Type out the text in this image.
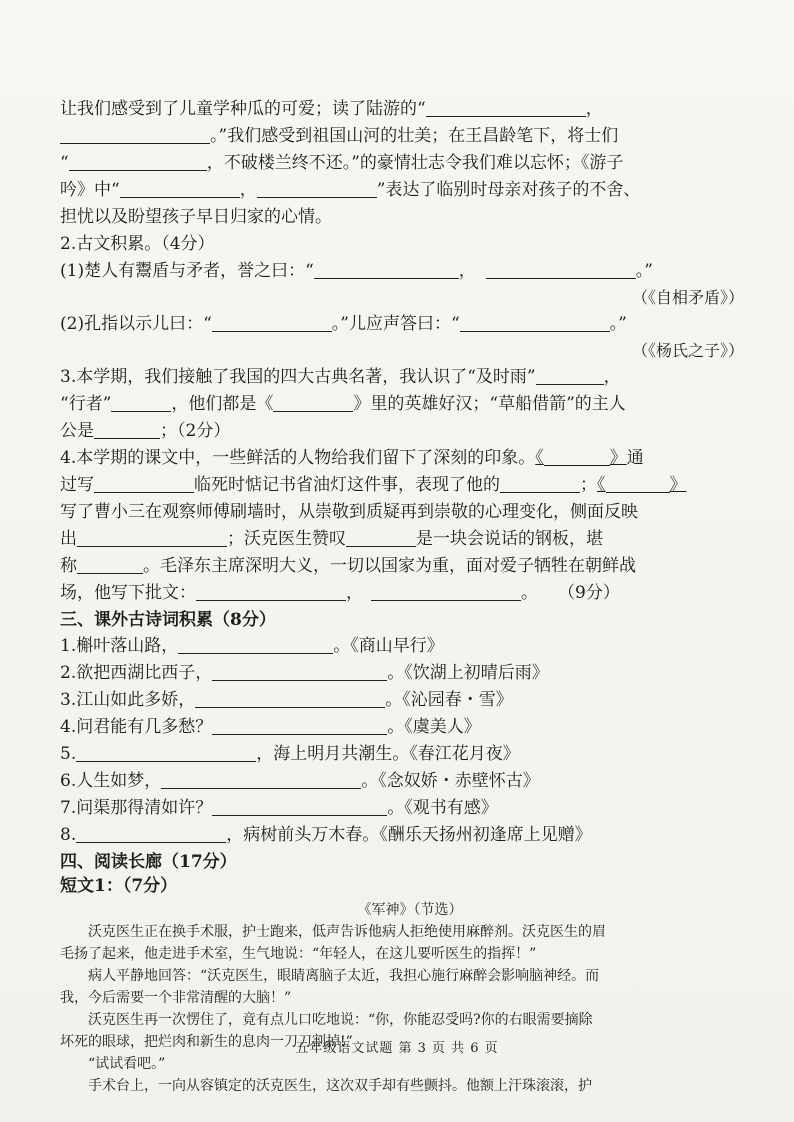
让我们感受到了儿童学种瓜的可爱；读了陆游的“	，

。”我们感受到祖国山河的壮美；在王昌龄笔下，将士们

“	，不破楼兰终不还。”的豪情壮志令我们难以忘怀；《游子

吟》中“	，	”表达了临别时母亲对孩子的不舍、

担忧以及盼望孩子早日归家的心情。

2.古文积累。（4分）

(1)楚人有鬻盾与矛者，誉之曰：“	，	。”

（《自相矛盾》）

(2)孔指以示儿曰：“	。”儿应声答曰：“	。”

（《杨氏之子》）

3.本学期，我们接触了我国的四大古典名著，我认识了“及时雨”	，

“行者”	，他们都是《	》里的英雄好汉；“草船借箭”的主人

公是	；（2分）

4.本学期的课文中，一些鲜活的人物给我们留下了深刻的印象。《	》通

过写	临死时惦记书省油灯这件事，表现了他的	；《	》

写了曹小三在观察师傅刷墙时，从崇敬到质疑再到崇敬的心理变化，侧面反映

出	；沃克医生赞叹	是一块会说话的钢板，堪

称	。毛泽东主席深明大义，一切以国家为重，面对爱子牺牲在朝鲜战

场，他写下批文：	，	。 （9分）

三、课外古诗词积累（8分）

1.槲叶落山路，	。《商山早行》

2.欲把西湖比西子，	。《饮湖上初晴后雨》

3.江山如此多娇，	。《沁园春・雪》

4.问君能有几多愁？	。《虞美人》

5.	，海上明月共潮生。《春江花月夜》

6.人生如梦，	。《念奴娇・赤壁怀古》

7.问渠那得清如许？	。《观书有感》

8.	，病树前头万木春。《酬乐天扬州初逢席上见赠》

四、阅读长廊（17分）

短文1：（7分）

《军神》（节选）

沃克医生正在换手术服，护士跑来，低声告诉他病人拒绝使用麻醉剂。沃克医生的眉

毛扬了起来，他走进手术室，生气地说：“年轻人，在这儿要听医生的指挥！”

病人平静地回答：“沃克医生，眼睛离脑子太近，我担心施行麻醉会影响脑神经。而

我，今后需要一个非常清醒的大脑！”

沃克医生再一次愣住了，竟有点儿口吃地说：“你，你能忍受吗?你的右眼需要摘除

坏死的眼球，把烂肉和新生的息肉一刀刀割掉!”

“试试看吧。”

手术台上，一向从容镇定的沃克医生，这次双手却有些颤抖。他额上汗珠滚滚，护

五年级语文试题 第 3 页 共 6 页
